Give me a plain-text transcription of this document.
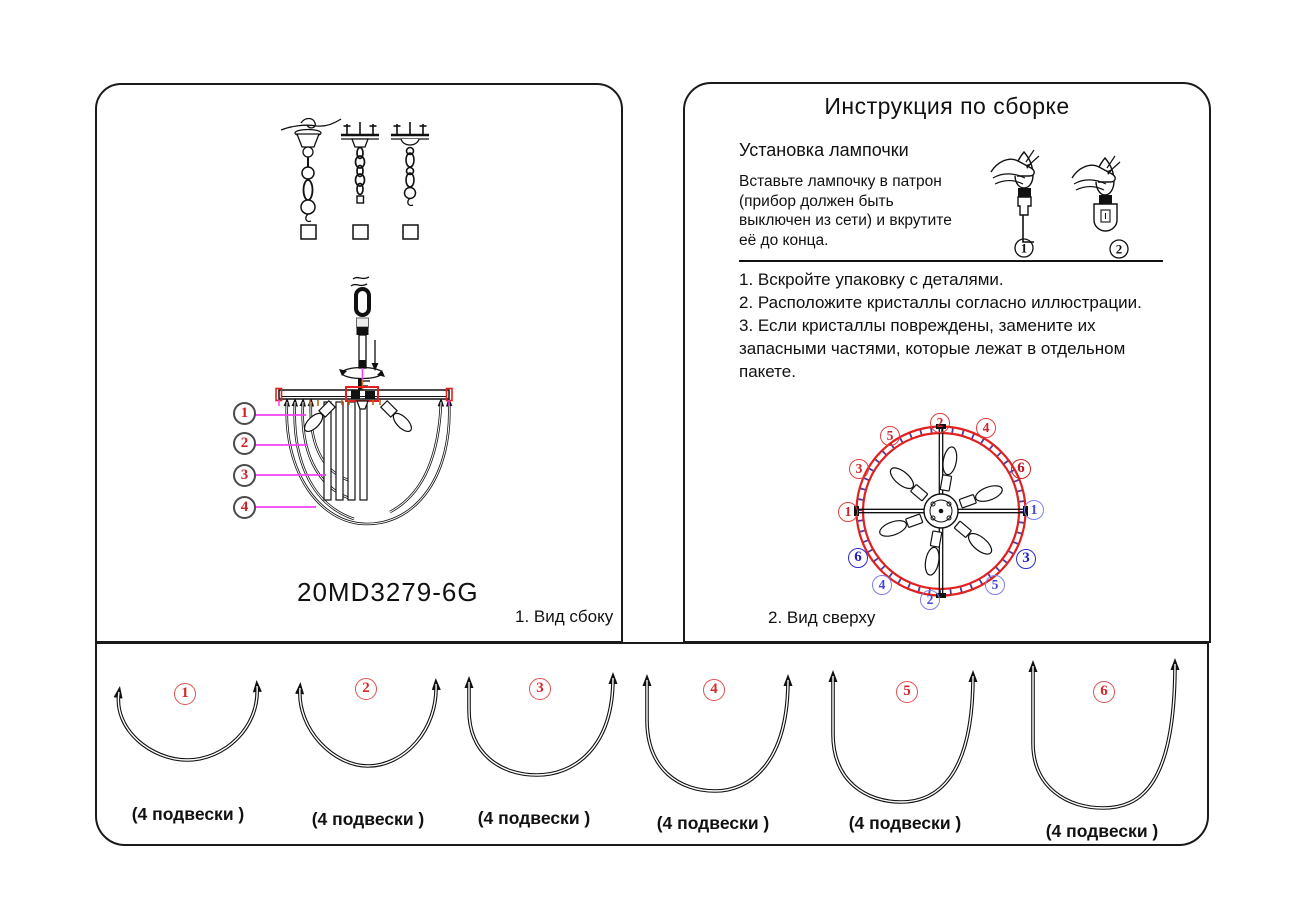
1
2
3
4
20MD3279-6G
1. Вид сбоку
Инструкция по сборке
Установка лампочки
Вставьте лампочку в патрон (прибор должен быть выключен из сети) и вкрутите её до конца.	1	2
1. Вскройте упаковку с деталями.
2. Расположите кристаллы согласно иллюстрации.
3. Если кристаллы повреждены, замените их запасными частями, которые лежат в отдельном пакете.
2	4
5
3	6
1	1
3
5
2
4
6
2. Вид сверху
1
(4 подвески )
2
(4 подвески )
3
(4 подвески )
4
(4 подвески )
5
(4 подвески )
6
(4 подвески )
